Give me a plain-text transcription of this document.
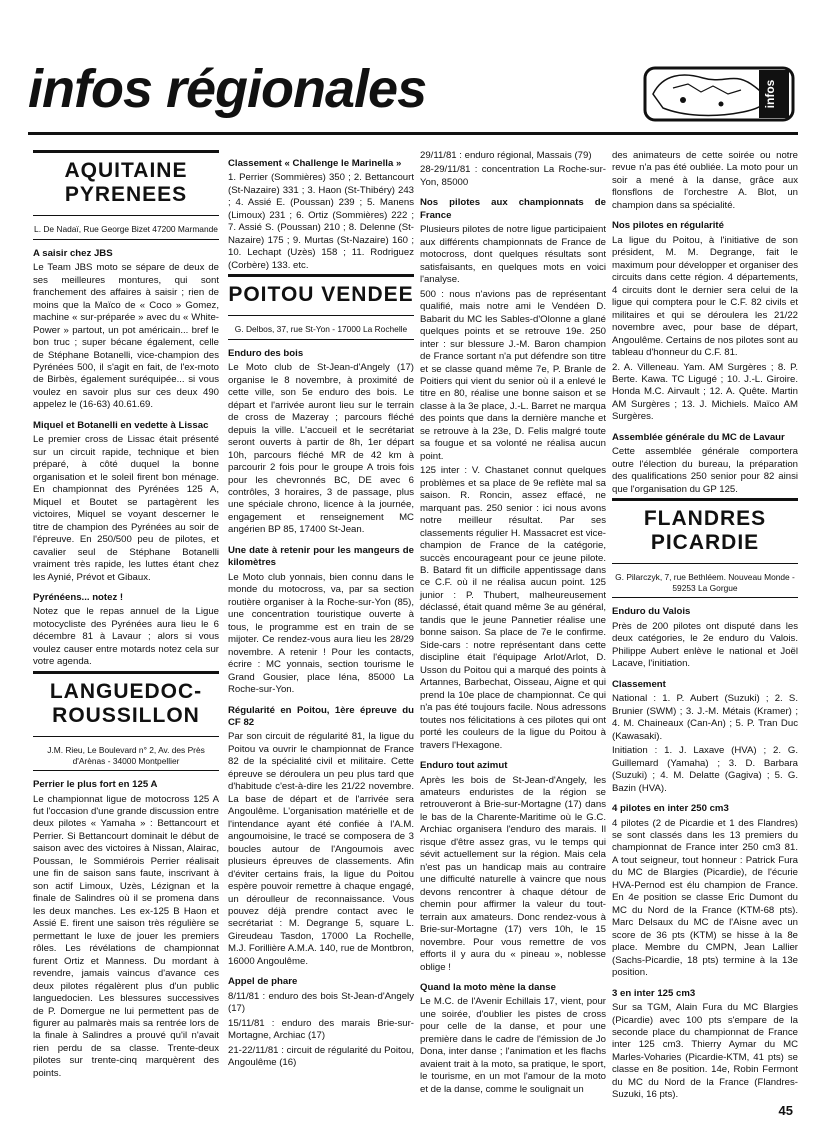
infos régionales	infos
AQUITAINE PYRENEES
L. De Nadaï, Rue George Bizet 47200 Marmande
A saisir chez JBS

Le Team JBS moto se sépare de deux de ses meilleures montures, qui sont franchement des affaires à saisir ; rien de moins que la Maïco de « Coco » Gomez, machine « sur-préparée » avec du « White-Power » partout, un pot américain... bref le bon truc ; super bécane également, celle de Stéphane Botanelli, vice-champion des Pyrénées 500, il s'agit en fait, de l'ex-moto de Birbès, également suréquipée... si vous voulez en savoir plus sur ces deux 490 appelez le (16-63) 40.61.69.

Miquel et Botanelli en vedette à Lissac

Le premier cross de Lissac était présenté sur un circuit rapide, technique et bien préparé, à côté duquel la bonne organisation et le soleil firent bon ménage. En championnat des Pyrénées 125 A, Miquel et Boutet se partagèrent les victoires, Miquel se voyant descerner le titre de champion des Pyrénées au soir de l'épreuve. En 250/500 peu de pilotes, et cavalier seul de Stéphane Botanelli vraiment très rapide, les luttes étant chez les Aynié, Prévot et Gibaux.

Pyrénéens... notez !

Notez que le repas annuel de la Ligue motocycliste des Pyrénées aura lieu le 6 décembre 81 à Lavaur ; alors si vous voulez causer entre motards notez cela sur votre agenda.

LANGUEDOC-ROUSSILLON
J.M. Rieu, Le Boulevard n° 2, Av. des Près d'Arènas - 34000 Montpellier
Perrier le plus fort en 125 A

Le championnat ligue de motocross 125 A fut l'occasion d'une grande discussion entre deux pilotes « Yamaha » : Bettancourt et Perrier. Si Bettancourt dominait le début de saison avec des victoires à Nissan, Alairac, Poussan, le Sommiérois Perrier réalisait une fin de saison sans faute, inscrivant à son actif Limoux, Uzès, Lézignan et la finale de Salindres où il se promena dans les deux manches. Les ex-125 B Haon et Assié E. firent une saison très régulière se permettant le luxe de jouer les premiers rôles. Les révélations de championnat furent Ortiz et Manness. Du mordant à revendre, jamais vaincus d'avance ces deux pilotes régalèrent plus d'un public languedocien. Les blessures successives de P. Domergue ne lui permettent pas de figurer au palmarès mais sa rentrée lors de la finale à Salindres a prouvé qu'il n'avait rien perdu de sa classe. Trente-deux pilotes sur trente-cinq marquèrent des points.

Classement « Challenge le Marinella »

1. Perrier (Sommières) 350 ; 2. Bettancourt (St-Nazaire) 331 ; 3. Haon (St-Thibéry) 243 ; 4. Assié E. (Poussan) 239 ; 5. Manens (Limoux) 231 ; 6. Ortiz (Sommières) 222 ; 7. Assié S. (Poussan) 210 ; 8. Delenne (St-Nazaire) 175 ; 9. Murtas (St-Nazaire) 160 ; 10. Lechapt (Uzès) 158 ; 11. Rodriguez (Corbère) 133. etc.

POITOU VENDEE
G. Delbos, 37, rue St-Yon - 17000 La Rochelle
Enduro des bois

Le Moto club de St-Jean-d'Angely (17) organise le 8 novembre, à proximité de cette ville, son 5e enduro des bois. Le départ et l'arrivée auront lieu sur le terrain de cross de Mazeray ; parcours fléché depuis la ville. L'accueil et le secrétariat seront ouverts à partir de 8h, 1er départ 10h, parcours fléché MR de 42 km à parcourir 2 fois pour le groupe A trois fois pour les chevronnés BC, DE avec 6 contrôles, 3 horaires, 3 de passage, plus une spéciale chrono, licence à la journée, engagement et renseignement MC angérien BP 85, 17400 St-Jean.

Une date à retenir pour les mangeurs de kilomètres

Le Moto club yonnais, bien connu dans le monde du motocross, va, par sa section routière organiser à la Roche-sur-Yon (85), une concentration touristique ouverte à tous, le programme est en train de se mijoter. Ce rendez-vous aura lieu les 28/29 novembre. A retenir ! Pour les contacts, écrire : MC yonnais, section tourisme le Grand Gousier, place Iéna, 85000 La Roche-sur-Yon.

Régularité en Poitou, 1ère épreuve du CF 82

Par son circuit de régularité 81, la ligue du Poitou va ouvrir le championnat de France 82 de la spécialité civil et militaire. Cette épreuve se déroulera un peu plus tard que d'habitude c'est-à-dire les 21/22 novembre. La base de départ et de l'arrivée sera Angoulême. L'organisation matérielle et de l'intendance ayant été confiée à l'A.M. angoumoisine, le tracé se composera de 3 boucles autour de l'Angoumois avec plusieurs épreuves de classements. Afin d'éviter certains frais, la ligue du Poitou espère pouvoir remettre à chaque engagé, un déroulleur de reconnaissance. Vous pouvez déjà prendre contact avec le secrétariat : M. Degrange 5, square L. Gireudeau Tasdon, 17000 La Rochelle, M.J. Forillière A.M.A. 140, rue de Montbron, 16000 Angoulême.

Appel de phare

8/11/81 : enduro des bois St-Jean-d'Angely (17)

15/11/81 : enduro des marais Brie-sur-Mortagne, Archiac (17)

21-22/11/81 : circuit de régularité du Poitou, Angoulême (16)

29/11/81 : enduro régional, Massais (79)

28-29/11/81 : concentration La Roche-sur-Yon, 85000

Nos pilotes aux championnats de France

Plusieurs pilotes de notre ligue participaient aux différents championnats de France de motocross, dont quelques résultats sont satisfaisants, en quelques mots en voici l'analyse.

500 : nous n'avions pas de représentant qualifié, mais notre ami le Vendéen D. Babarit du MC les Sables-d'Olonne a glané quelques points et se retrouve 19e. 250 inter : sur blessure J.-M. Baron champion de France sortant n'a put défendre son titre et se classe quand même 7e, P. Branle de Poitiers qui vient du senior où il a enlevé le titre en 80, réalise une bonne saison et se classe à la 3e place, J.-L. Barret ne marqua des points que dans la dernière manche et se retrouve à la 23e, D. Felis malgré toute sa fougue et sa volonté ne réalisa aucun point.

125 inter : V. Chastanet connut quelques problèmes et sa place de 9e reflète mal sa saison. R. Roncin, assez effacé, ne marquant pas. 250 senior : ici nous avons notre meilleur résultat. Par ses classements régulier H. Massacret est vice-champion de France de la catégorie, succès encourageant pour ce jeune pilote. B. Batard fit un difficile appentissage dans ce C.F. où il ne réalisa aucun point. 125 junior : P. Thubert, malheureusement déclassé, était quand même 3e au général, tandis que le jeune Pannetier réalise une bonne saison. Sa place de 7e le confirme. Side-cars : notre représentant dans cette discipline était l'équipage Arlot/Arlot, D. Usson du Poitou qui a marqué des points à Artannes, Barbechat, Oisseau, Aigne et qui prend la 10e place de championnat. Ce qui n'a pas été toujours facile. Nous adressons toutes nos félicitations à ces pilotes qui ont porté les couleurs de la ligue du Poitou à travers l'Hexagone.

Enduro tout azimut

Après les bois de St-Jean-d'Angely, les amateurs enduristes de la région se retrouveront à Brie-sur-Mortagne (17) dans le bas de la Charente-Maritime où le G.C. Archiac organisera l'enduro des marais. Il risque d'être assez gras, vu le temps qui sévit actuellement sur la région. Mais cela n'est pas un handicap mais au contraire une difficulté naturelle à vaincre que nous devons rencontrer à chaque détour de chemin pour affirmer la valeur du tout-terrain aux amateurs. Donc rendez-vous à Brie-sur-Mortagne (17) vers 10h, le 15 novembre. Pour vous remettre de vos efforts il y aura du « pineau », noblesse oblige !

Quand la moto mène la danse

Le M.C. de l'Avenir Echillais 17, vient, pour une soirée, d'oublier les pistes de cross pour celle de la danse, et pour une première dans le cadre de l'émission de Jo Dona, inter danse ; l'animation et les flachs avaient trait à la moto, sa pratique, le sport, le tourisme, en un mot l'amour de la moto et de la danse, comme le soulignait un

des animateurs de cette soirée ou notre revue n'a pas été oubliée. La moto pour un soir a mené à la danse, grâce aux flonsflons de l'orchestre A. Blot, un champion dans sa spécialité.

Nos pilotes en régularité

La ligue du Poitou, à l'initiative de son président, M. M. Degrange, fait le maximum pour développer et organiser des circuits dans cette région. 4 départements, 4 circuits dont le dernier sera celui de la ligue qui comptera pour le C.F. 82 civils et militaires et qui se déroulera les 21/22 novembre avec, pour base de départ, Angoulême. Certains de nos pilotes sont au tableau d'honneur du C.F. 81.

2. A. Villeneau. Yam. AM Surgères ; 8. P. Berte. Kawa. TC Ligugé ; 10. J.-L. Giroire. Honda M.C. Airvault ; 12. A. Quête. Martin AM Surgères ; 13. J. Michiels. Maïco AM Surgères.

Assemblée générale du MC de Lavaur

Cette assemblée générale comportera outre l'élection du bureau, la préparation des qualifications 250 senior pour 82 ainsi que l'organisation du GP 125.

FLANDRES PICARDIE
G. Pilarczyk, 7, rue Bethléem. Nouveau Monde - 59253 La Gorgue
Enduro du Valois

Près de 200 pilotes ont disputé dans les deux catégories, le 2e enduro du Valois. Philippe Aubert enlève le national et Joël Lacave, l'initiation.

Classement

National : 1. P. Aubert (Suzuki) ; 2. S. Brunier (SWM) ; 3. J.-M. Métais (Kramer) ; 4. M. Chaineaux (Can-An) ; 5. P. Tran Duc (Kawasaki).

Initiation : 1. J. Laxave (HVA) ; 2. G. Guillemard (Yamaha) ; 3. D. Barbara (Suzuki) ; 4. M. Delatte (Gagiva) ; 5. G. Bazin (HVA).

4 pilotes en inter 250 cm3

4 pilotes (2 de Picardie et 1 des Flandres) se sont classés dans les 13 premiers du championnat de France inter 250 cm3 81. A tout seigneur, tout honneur : Patrick Fura du MC de Blargies (Picardie), de l'écurie HVA-Pernod est élu champion de France. En 4e position se classe Eric Dumont du MC du Nord de la France (KTM-68 pts). Marc Delsaux du MC de l'Aisne avec un score de 36 pts (KTM) se hisse à la 8e place. Membre du CMPN, Jean Lallier (Sachs-Picardie, 18 pts) termine à la 13e position.

3 en inter 125 cm3

Sur sa TGM, Alain Fura du MC Blargies (Picardie) avec 100 pts s'empare de la seconde place du championnat de France inter 125 cm3. Thierry Aymar du MC Marles-Voharies (Picardie-KTM, 41 pts) se classe en 8e position. 14e, Robin Fermont du MC du Nord de la France (Flandres-Suzuki, 16 pts).

45
